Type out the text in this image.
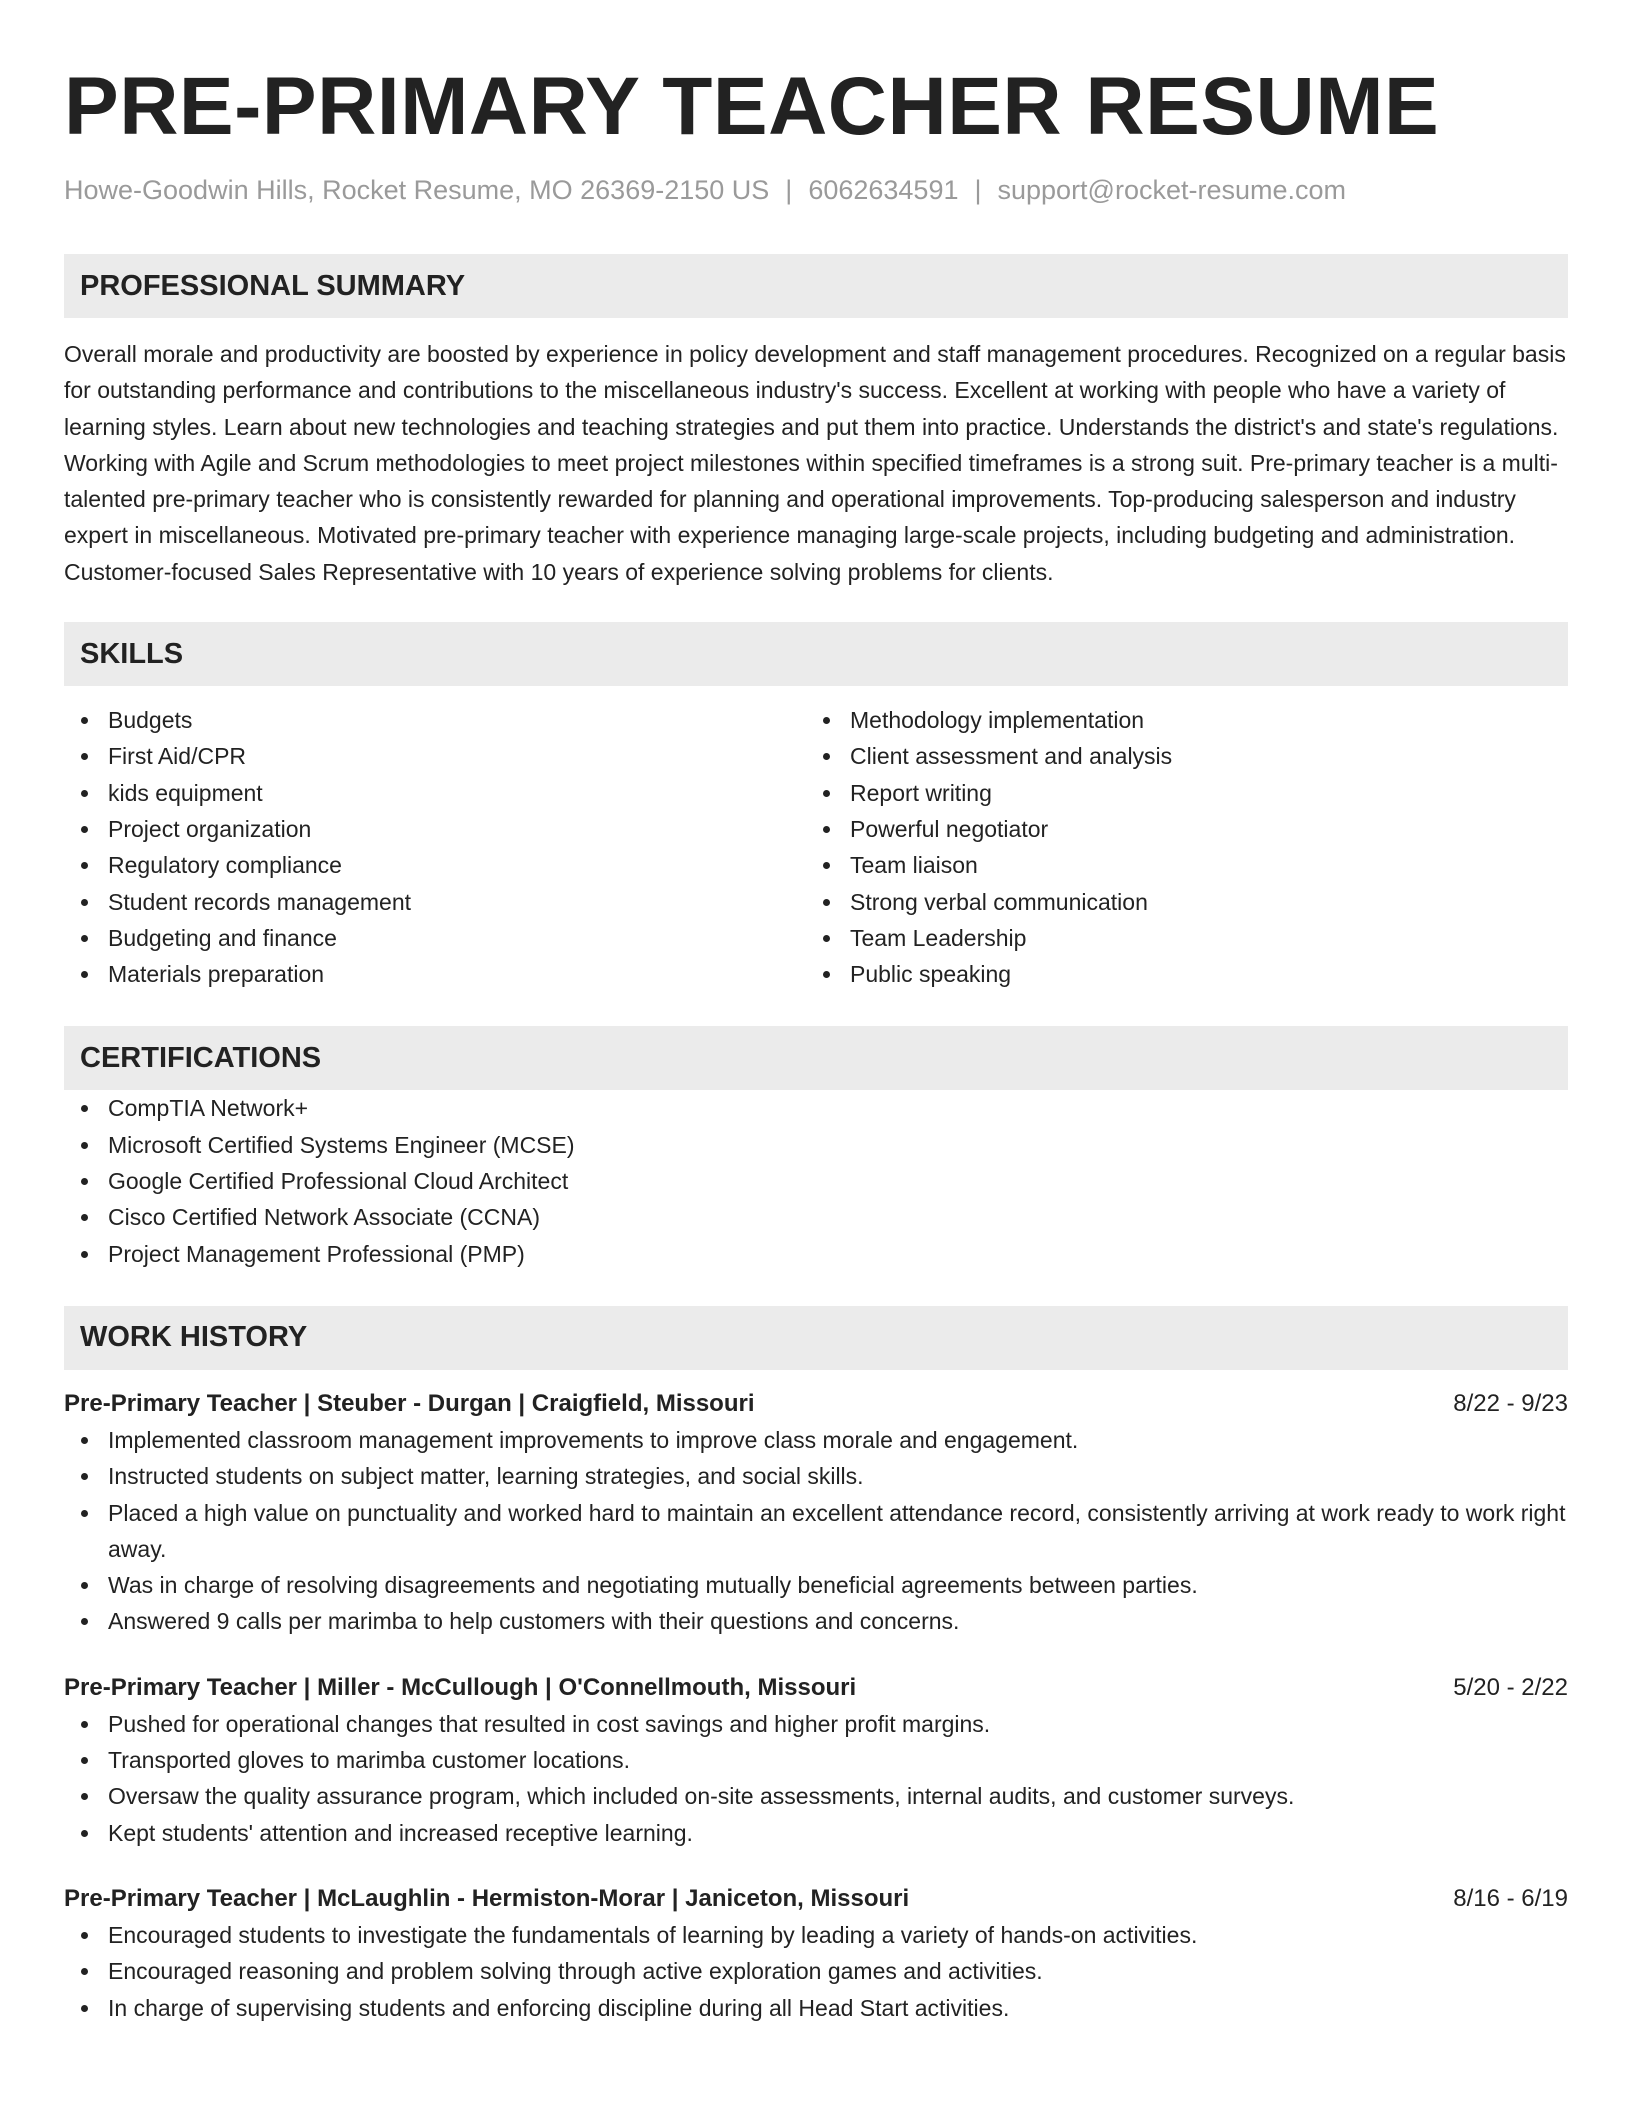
PRE-PRIMARY TEACHER RESUME
Howe-Goodwin Hills, Rocket Resume, MO 26369-2150 US | 6062634591 | support@rocket-resume.com
PROFESSIONAL SUMMARY
Overall morale and productivity are boosted by experience in policy development and staff management procedures. Recognized on a regular basis for outstanding performance and contributions to the miscellaneous industry's success. Excellent at working with people who have a variety of learning styles. Learn about new technologies and teaching strategies and put them into practice. Understands the district's and state's regulations. Working with Agile and Scrum methodologies to meet project milestones within specified timeframes is a strong suit. Pre-primary teacher is a multi-talented pre-primary teacher who is consistently rewarded for planning and operational improvements. Top-producing salesperson and industry expert in miscellaneous. Motivated pre-primary teacher with experience managing large-scale projects, including budgeting and administration. Customer-focused Sales Representative with 10 years of experience solving problems for clients.
SKILLS
Budgets
First Aid/CPR
kids equipment
Project organization
Regulatory compliance
Student records management
Budgeting and finance
Materials preparation
Methodology implementation
Client assessment and analysis
Report writing
Powerful negotiator
Team liaison
Strong verbal communication
Team Leadership
Public speaking
CERTIFICATIONS
CompTIA Network+
Microsoft Certified Systems Engineer (MCSE)
Google Certified Professional Cloud Architect
Cisco Certified Network Associate (CCNA)
Project Management Professional (PMP)
WORK HISTORY
Pre-Primary Teacher | Steuber - Durgan | Craigfield, Missouri	8/22 - 9/23
Implemented classroom management improvements to improve class morale and engagement.
Instructed students on subject matter, learning strategies, and social skills.
Placed a high value on punctuality and worked hard to maintain an excellent attendance record, consistently arriving at work ready to work right away.
Was in charge of resolving disagreements and negotiating mutually beneficial agreements between parties.
Answered 9 calls per marimba to help customers with their questions and concerns.
Pre-Primary Teacher | Miller - McCullough | O'Connellmouth, Missouri	5/20 - 2/22
Pushed for operational changes that resulted in cost savings and higher profit margins.
Transported gloves to marimba customer locations.
Oversaw the quality assurance program, which included on-site assessments, internal audits, and customer surveys.
Kept students' attention and increased receptive learning.
Pre-Primary Teacher | McLaughlin - Hermiston-Morar | Janiceton, Missouri	8/16 - 6/19
Encouraged students to investigate the fundamentals of learning by leading a variety of hands-on activities.
Encouraged reasoning and problem solving through active exploration games and activities.
In charge of supervising students and enforcing discipline during all Head Start activities.
